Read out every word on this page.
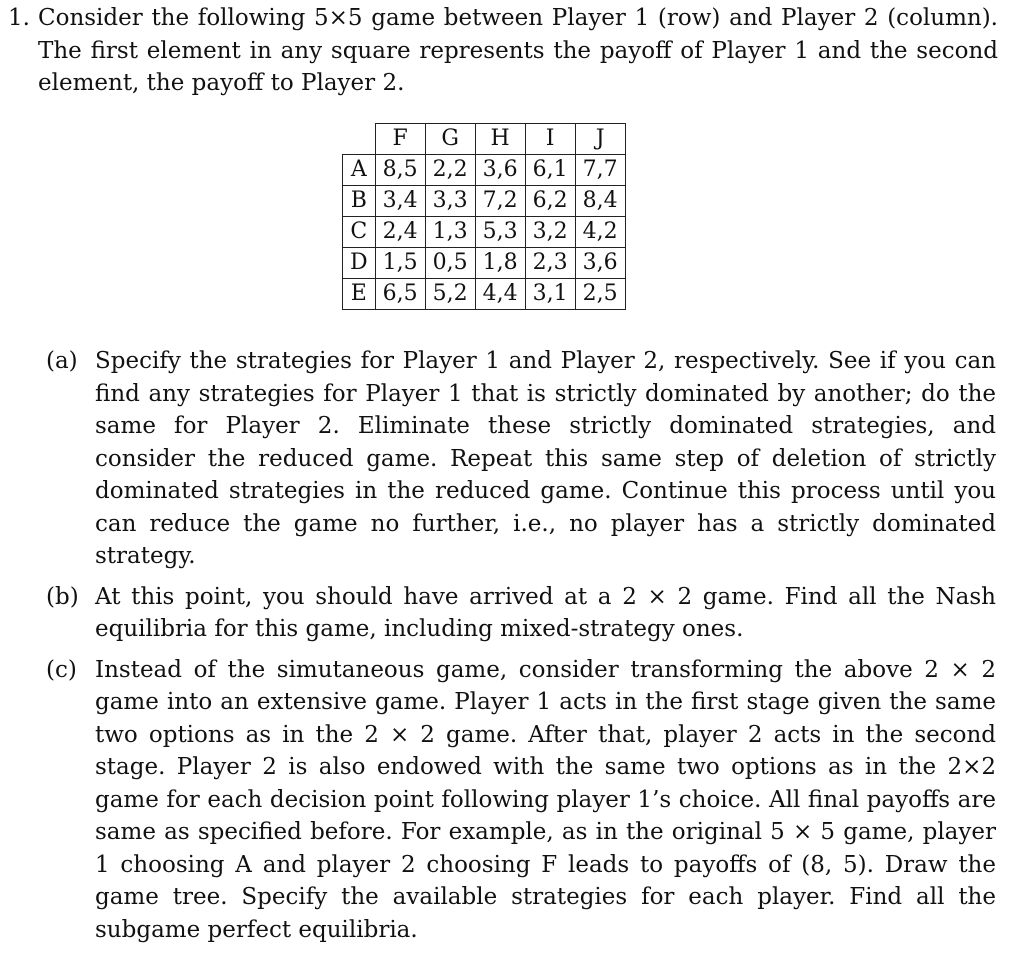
1. Consider the following 5×5 game between Player 1 (row) and Player 2 (column). The first element in any square represents the payoff of Player 1 and the second element, the payoff to Player 2.
	F	G	H	I	J
A	8,5	2,2	3,6	6,1	7,7
B	3,4	3,3	7,2	6,2	8,4
C	2,4	1,3	5,3	3,2	4,2
D	1,5	0,5	1,8	2,3	3,6
E	6,5	5,2	4,4	3,1	2,5
(a) Specify the strategies for Player 1 and Player 2, respectively. See if you can find any strategies for Player 1 that is strictly dominated by another; do the same for Player 2. Eliminate these strictly dominated strategies, and consider the reduced game. Repeat this same step of deletion of strictly dominated strategies in the reduced game. Continue this process until you can reduce the game no further, i.e., no player has a strictly dominated strategy.
(b) At this point, you should have arrived at a 2 × 2 game. Find all the Nash equilibria for this game, including mixed-strategy ones.
(c) Instead of the simutaneous game, consider transforming the above 2 × 2 game into an extensive game. Player 1 acts in the first stage given the same two options as in the 2 × 2 game. After that, player 2 acts in the second stage. Player 2 is also endowed with the same two options as in the 2×2 game for each decision point following player 1’s choice. All final payoffs are same as specified before. For example, as in the original 5 × 5 game, player 1 choosing A and player 2 choosing F leads to payoffs of (8, 5). Draw the game tree. Specify the available strategies for each player. Find all the subgame perfect equilibria.
